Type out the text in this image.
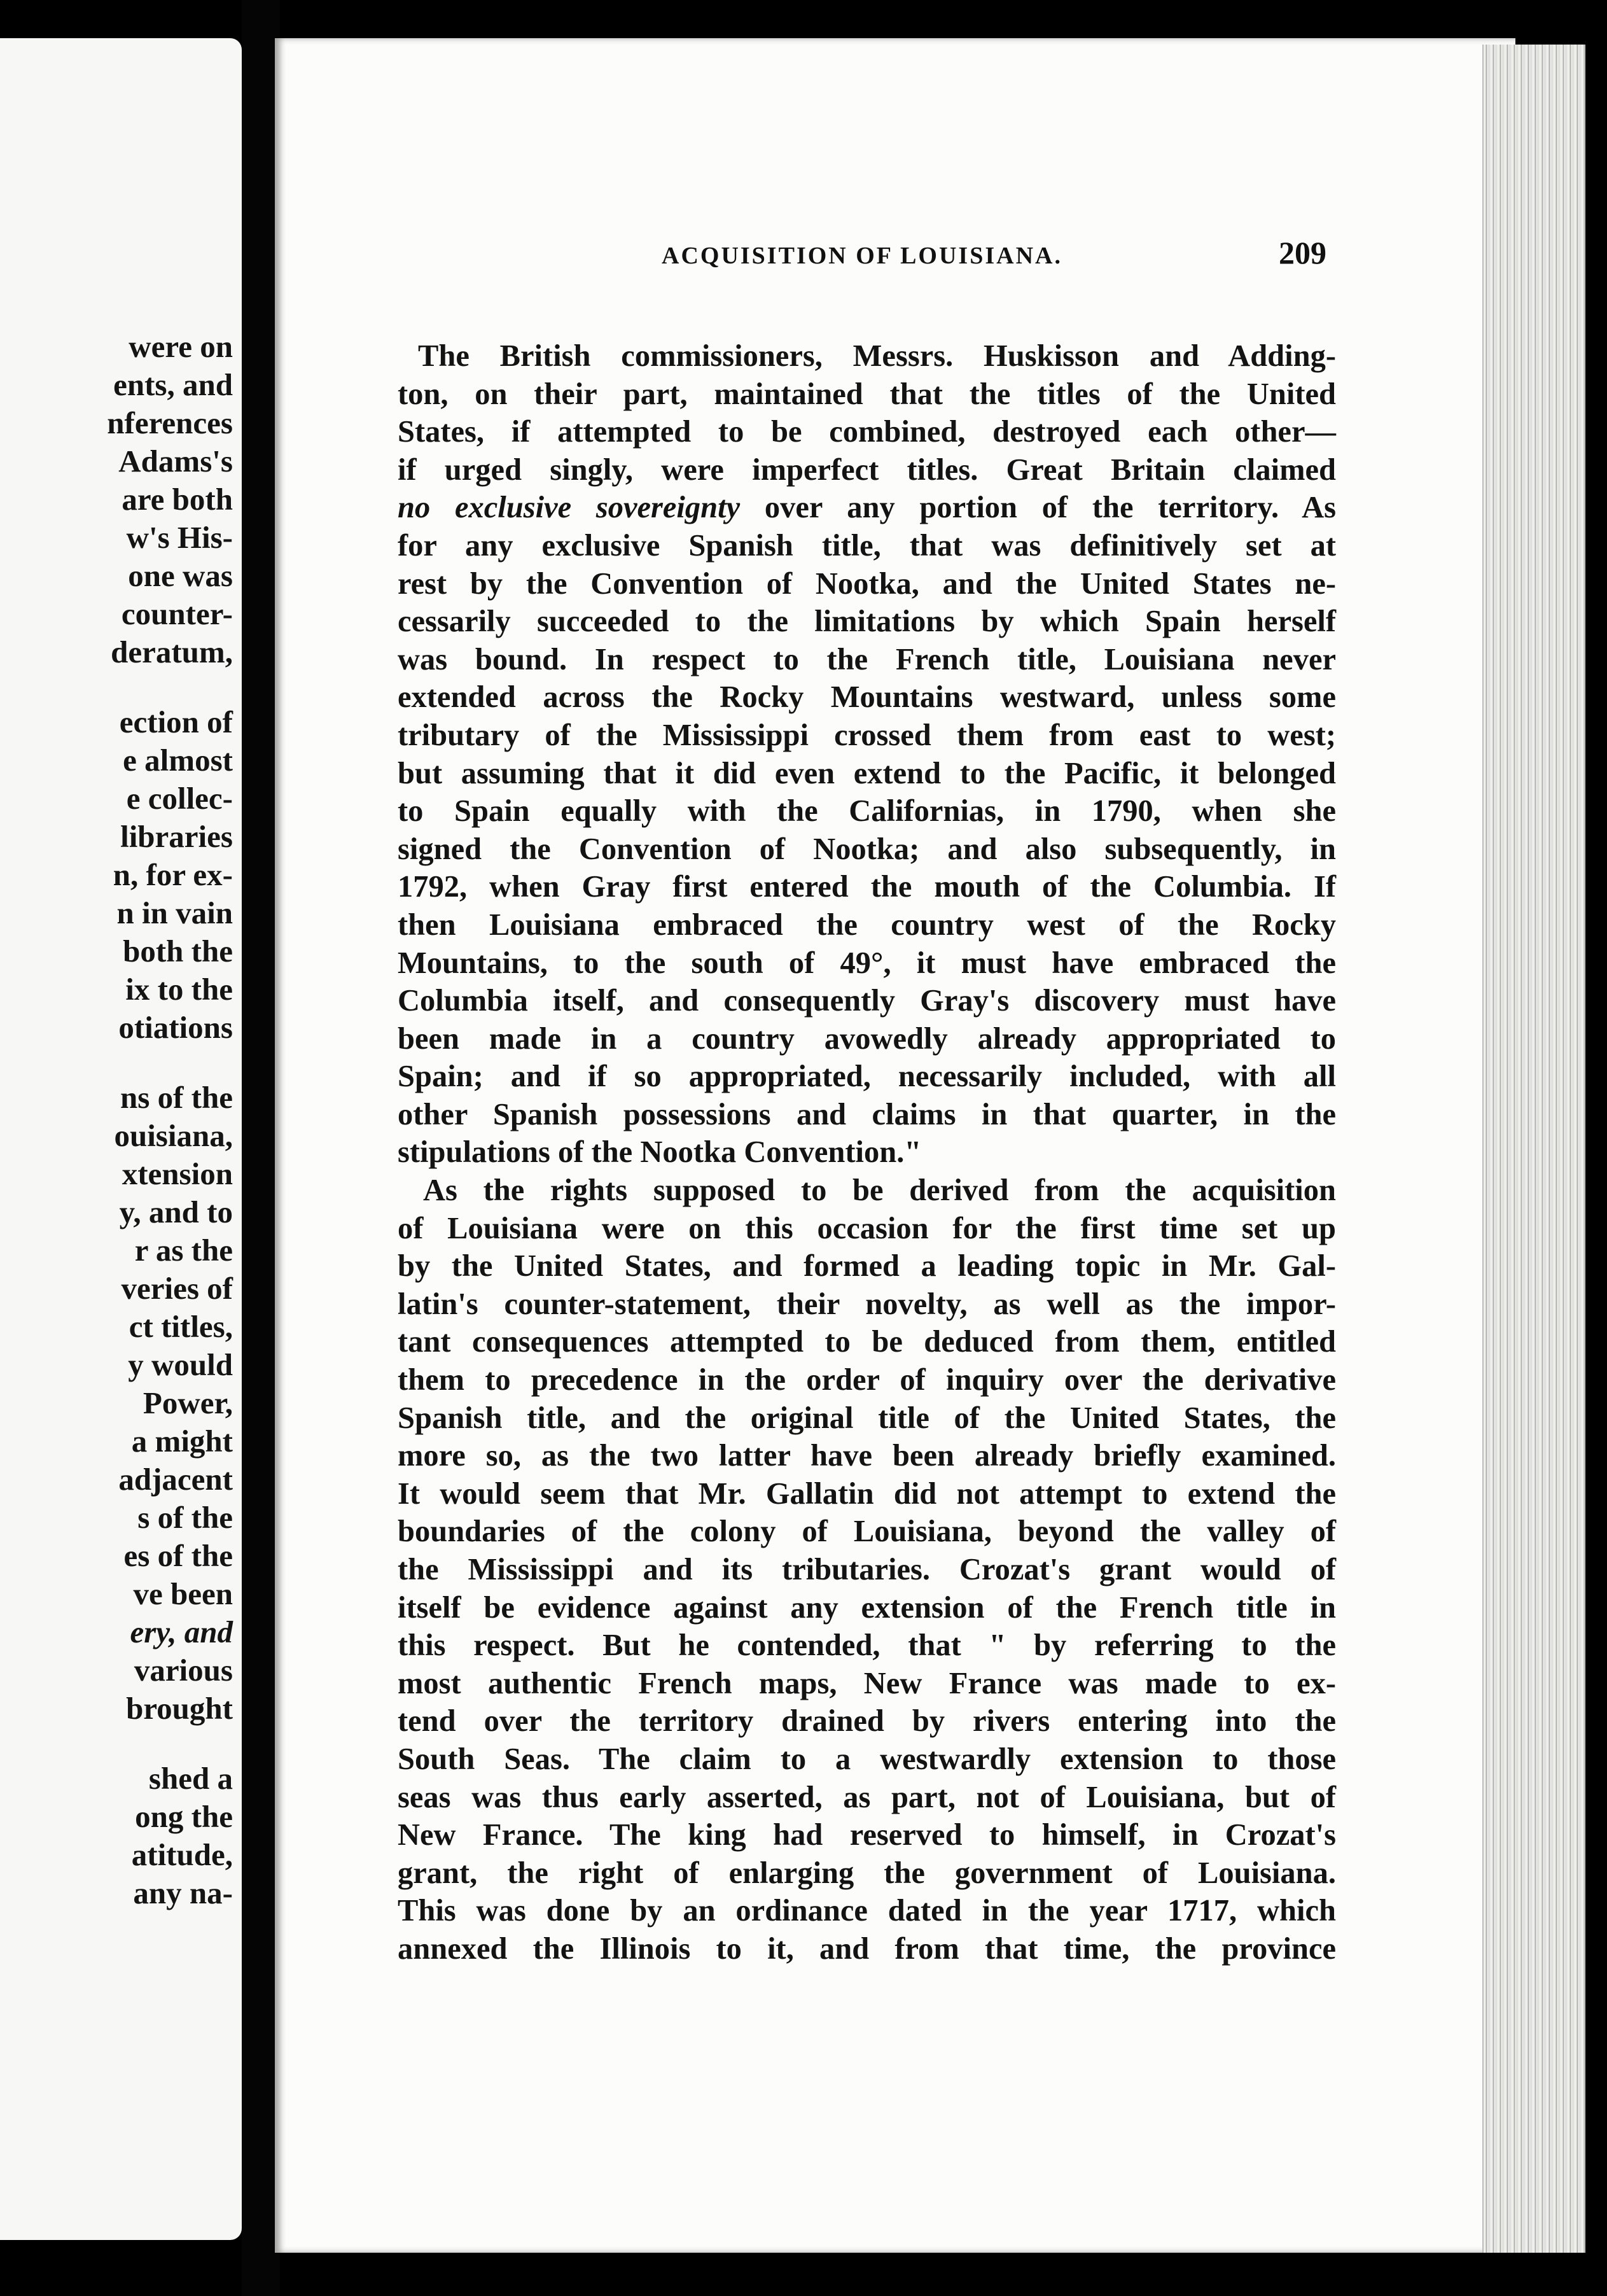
were on
ents, and
nferences
Adams's
are both
w's His-
one was
counter-
deratum,
ection of
e almost
e collec-
libraries
n, for ex-
n in vain
both the
ix to the
otiations
ns of the
ouisiana,
xtension
y, and to
r as the
veries of
ct titles,
y would
Power,
a might
adjacent
s of the
es of the
ve been
ery, and
various
brought
shed a
ong the
atitude,
any na-
ACQUISITION OF LOUISIANA.	209
The British commissioners, Messrs. Huskisson and Adding-
ton, on their part, maintained that the titles of the United
States, if attempted to be combined, destroyed each other—
if urged singly, were imperfect titles. Great Britain claimed
no exclusive sovereignty over any portion of the territory. As
for any exclusive Spanish title, that was definitively set at
rest by the Convention of Nootka, and the United States ne-
cessarily succeeded to the limitations by which Spain herself
was bound. In respect to the French title, Louisiana never
extended across the Rocky Mountains westward, unless some
tributary of the Mississippi crossed them from east to west;
but assuming that it did even extend to the Pacific, it belonged
to Spain equally with the Californias, in 1790, when she
signed the Convention of Nootka; and also subsequently, in
1792, when Gray first entered the mouth of the Columbia. If
then Louisiana embraced the country west of the Rocky
Mountains, to the south of 49°, it must have embraced the
Columbia itself, and consequently Gray's discovery must have
been made in a country avowedly already appropriated to
Spain; and if so appropriated, necessarily included, with all
other Spanish possessions and claims in that quarter, in the
stipulations of the Nootka Convention."
As the rights supposed to be derived from the acquisition
of Louisiana were on this occasion for the first time set up
by the United States, and formed a leading topic in Mr. Gal-
latin's counter-statement, their novelty, as well as the impor-
tant consequences attempted to be deduced from them, entitled
them to precedence in the order of inquiry over the derivative
Spanish title, and the original title of the United States, the
more so, as the two latter have been already briefly examined.
It would seem that Mr. Gallatin did not attempt to extend the
boundaries of the colony of Louisiana, beyond the valley of
the Mississippi and its tributaries. Crozat's grant would of
itself be evidence against any extension of the French title in
this respect. But he contended, that " by referring to the
most authentic French maps, New France was made to ex-
tend over the territory drained by rivers entering into the
South Seas. The claim to a westwardly extension to those
seas was thus early asserted, as part, not of Louisiana, but of
New France. The king had reserved to himself, in Crozat's
grant, the right of enlarging the government of Louisiana.
This was done by an ordinance dated in the year 1717, which
annexed the Illinois to it, and from that time, the province
